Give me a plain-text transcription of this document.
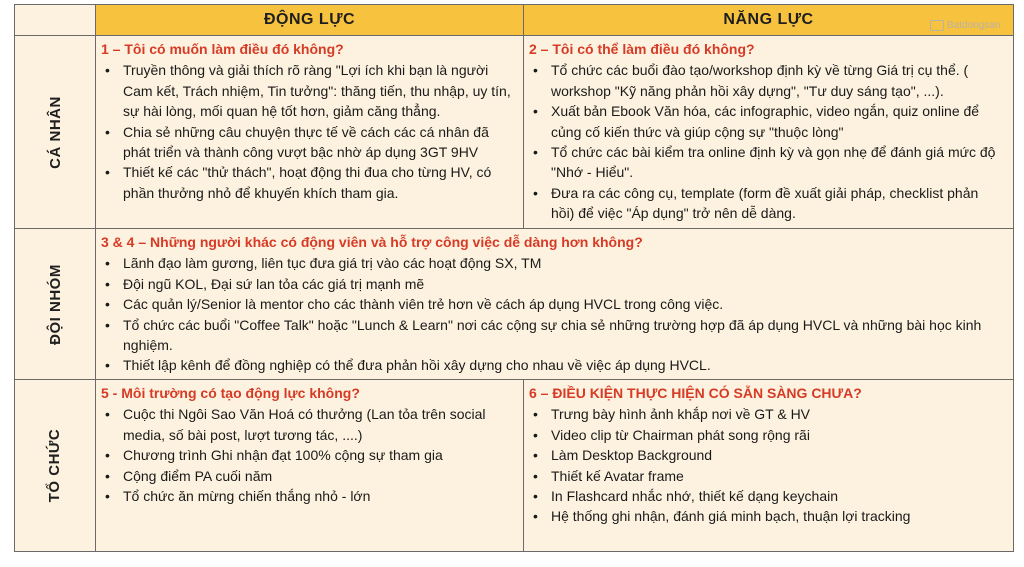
ĐỘNG LỰC	NĂNG LỰC
CÁ NHÂN
1 – Tôi có muốn làm điều đó không?
• Truyền thông và giải thích rõ ràng "Lợi ích khi bạn là người Cam kết, Trách nhiệm, Tin tưởng": thăng tiến, thu nhập, uy tín, sự hài lòng, mối quan hệ tốt hơn, giảm căng thẳng.
• Chia sẻ những câu chuyện thực tế về cách các cá nhân đã phát triển và thành công vượt bậc nhờ áp dụng 3GT 9HV
• Thiết kế các "thử thách", hoạt động thi đua cho từng HV, có phần thưởng nhỏ để khuyến khích tham gia.
2 – Tôi có thể làm điều đó không?
• Tổ chức các buổi đào tạo/workshop định kỳ về từng Giá trị cụ thể. ( workshop "Kỹ năng phản hồi xây dựng", "Tư duy sáng tạo", ...).
• Xuất bản Ebook Văn hóa, các infographic, video ngắn, quiz online để củng cố kiến thức và giúp cộng sự "thuộc lòng"
• Tổ chức các bài kiểm tra online định kỳ và gọn nhẹ để đánh giá mức độ "Nhớ - Hiểu".
• Đưa ra các công cụ, template (form đề xuất giải pháp, checklist phản hồi) để việc "Áp dụng" trở nên dễ dàng.
ĐỘI NHÓM
3 & 4 – Những người khác có động viên và hỗ trợ công việc dễ dàng hơn không?
• Lãnh đạo làm gương, liên tục đưa giá trị vào các hoạt động SX, TM
• Đội ngũ KOL, Đại sứ lan tỏa các giá trị mạnh mẽ
• Các quản lý/Senior là mentor cho các thành viên trẻ hơn về cách áp dụng HVCL trong công việc.
• Tổ chức các buổi "Coffee Talk" hoặc "Lunch & Learn" nơi các cộng sự chia sẻ những trường hợp đã áp dụng HVCL và những bài học kinh nghiệm.
• Thiết lập kênh để đồng nghiệp có thể đưa phản hồi xây dựng cho nhau về việc áp dụng HVCL.
TỔ CHỨC
5 - Môi trường có tạo động lực không?
• Cuộc thi Ngôi Sao Văn Hoá có thưởng (Lan tỏa trên social media, số bài post, lượt tương tác, ....)
• Chương trình Ghi nhận đạt 100% cộng sự tham gia
• Cộng điểm PA cuối năm
• Tổ chức ăn mừng chiến thắng nhỏ - lớn
6 – ĐIỀU KIỆN THỰC HIỆN CÓ SẴN SÀNG CHƯA?
• Trưng bày hình ảnh khắp nơi về GT & HV
• Video clip từ Chairman phát song rộng rãi
• Làm Desktop Background
• Thiết kế Avatar frame
• In Flashcard nhắc nhớ, thiết kế dạng keychain
• Hệ thống ghi nhận, đánh giá minh bạch, thuận lợi tracking
Batdongsan
